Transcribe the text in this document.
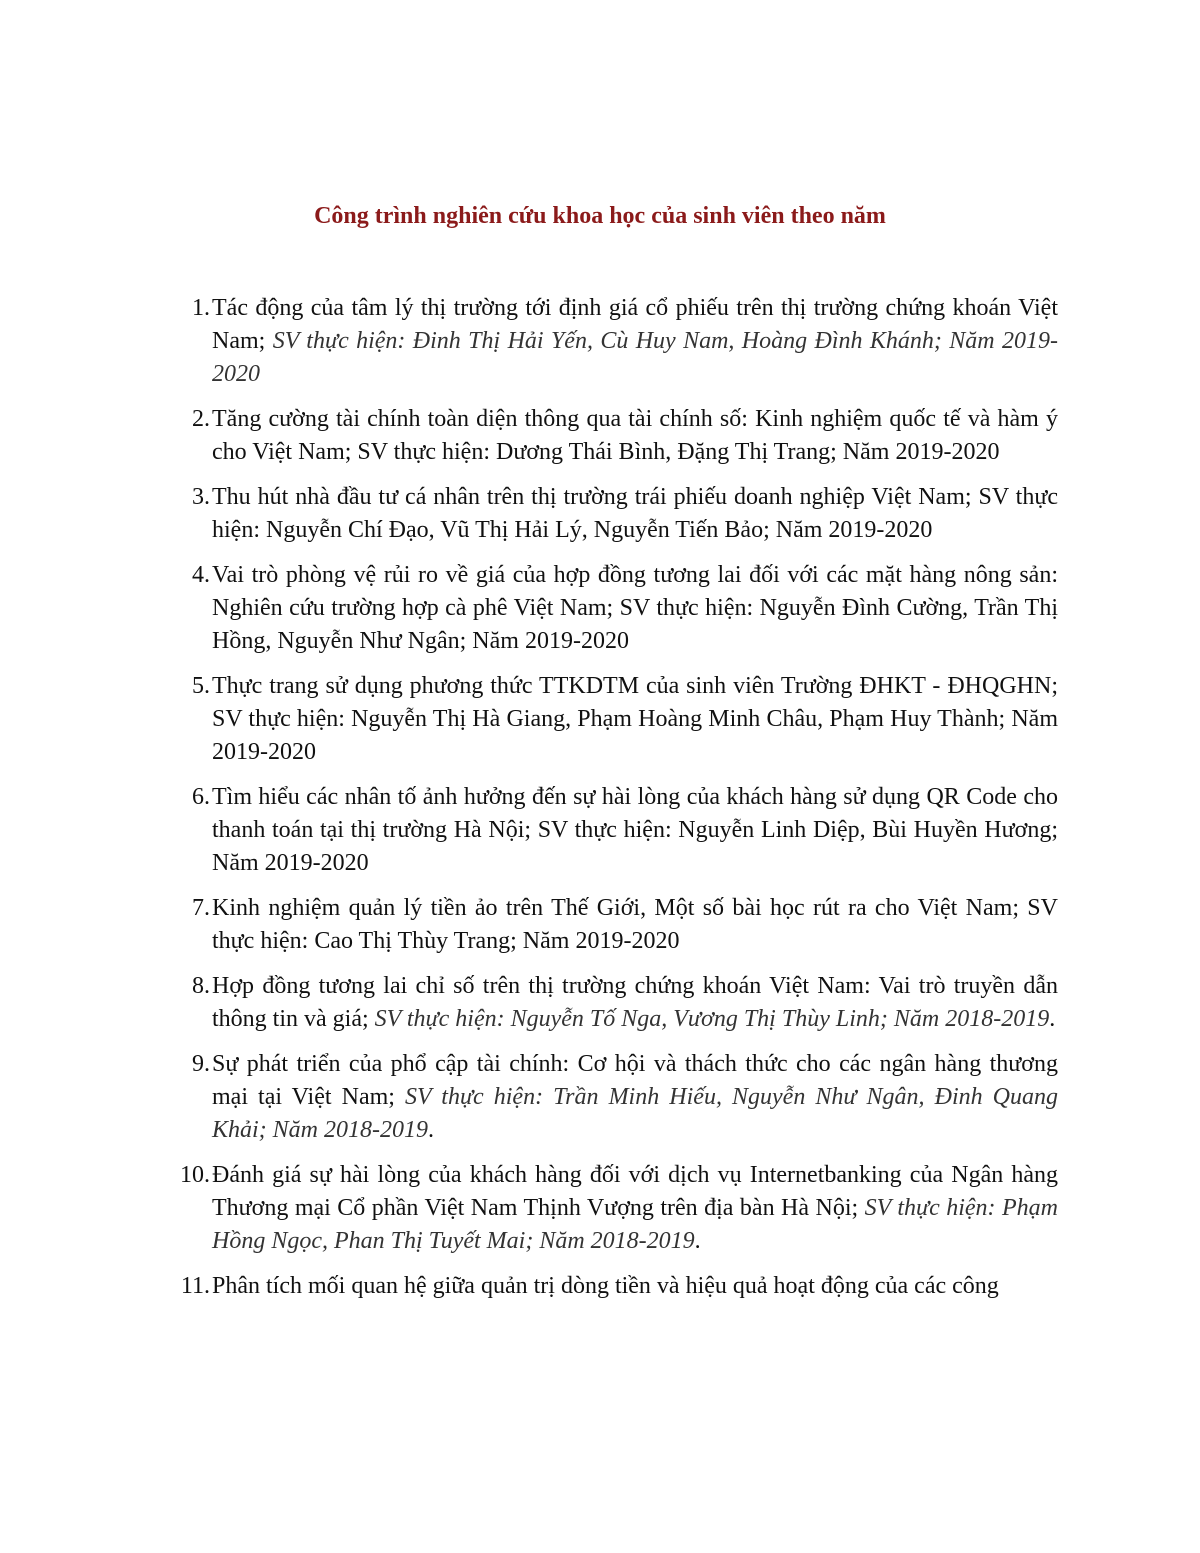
Công trình nghiên cứu khoa học của sinh viên theo năm
1. Tác động của tâm lý thị trường tới định giá cổ phiếu trên thị trường chứng khoán Việt Nam; SV thực hiện: Đinh Thị Hải Yến, Cù Huy Nam, Hoàng Đình Khánh; Năm 2019-2020
2. Tăng cường tài chính toàn diện thông qua tài chính số: Kinh nghiệm quốc tế và hàm ý cho Việt Nam; SV thực hiện: Dương Thái Bình, Đặng Thị Trang; Năm 2019-2020
3. Thu hút nhà đầu tư cá nhân trên thị trường trái phiếu doanh nghiệp Việt Nam; SV thực hiện: Nguyễn Chí Đạo, Vũ Thị Hải Lý, Nguyễn Tiến Bảo; Năm 2019-2020
4. Vai trò phòng vệ rủi ro về giá của hợp đồng tương lai đối với các mặt hàng nông sản: Nghiên cứu trường hợp cà phê Việt Nam; SV thực hiện: Nguyễn Đình Cường, Trần Thị Hồng, Nguyễn Như Ngân; Năm 2019-2020
5. Thực trang sử dụng phương thức TTKDTM của sinh viên Trường ĐHKT - ĐHQGHN; SV thực hiện: Nguyễn Thị Hà Giang, Phạm Hoàng Minh Châu, Phạm Huy Thành; Năm 2019-2020
6. Tìm hiểu các nhân tố ảnh hưởng đến sự hài lòng của khách hàng sử dụng QR Code cho thanh toán tại thị trường Hà Nội; SV thực hiện: Nguyễn Linh Diệp, Bùi Huyền Hương; Năm 2019-2020
7. Kinh nghiệm quản lý tiền ảo trên Thế Giới, Một số bài học rút ra cho Việt Nam; SV thực hiện: Cao Thị Thùy Trang; Năm 2019-2020
8. Hợp đồng tương lai chỉ số trên thị trường chứng khoán Việt Nam: Vai trò truyền dẫn thông tin và giá; SV thực hiện: Nguyễn Tố Nga, Vương Thị Thùy Linh; Năm 2018-2019.
9. Sự phát triển của phổ cập tài chính: Cơ hội và thách thức cho các ngân hàng thương mại tại Việt Nam; SV thực hiện: Trần Minh Hiếu, Nguyễn Như Ngân, Đinh Quang Khải; Năm 2018-2019.
10. Đánh giá sự hài lòng của khách hàng đối với dịch vụ Internetbanking của Ngân hàng Thương mại Cổ phần Việt Nam Thịnh Vượng trên địa bàn Hà Nội; SV thực hiện: Phạm Hồng Ngọc, Phan Thị Tuyết Mai; Năm 2018-2019.
11. Phân tích mối quan hệ giữa quản trị dòng tiền và hiệu quả hoạt động của các công
